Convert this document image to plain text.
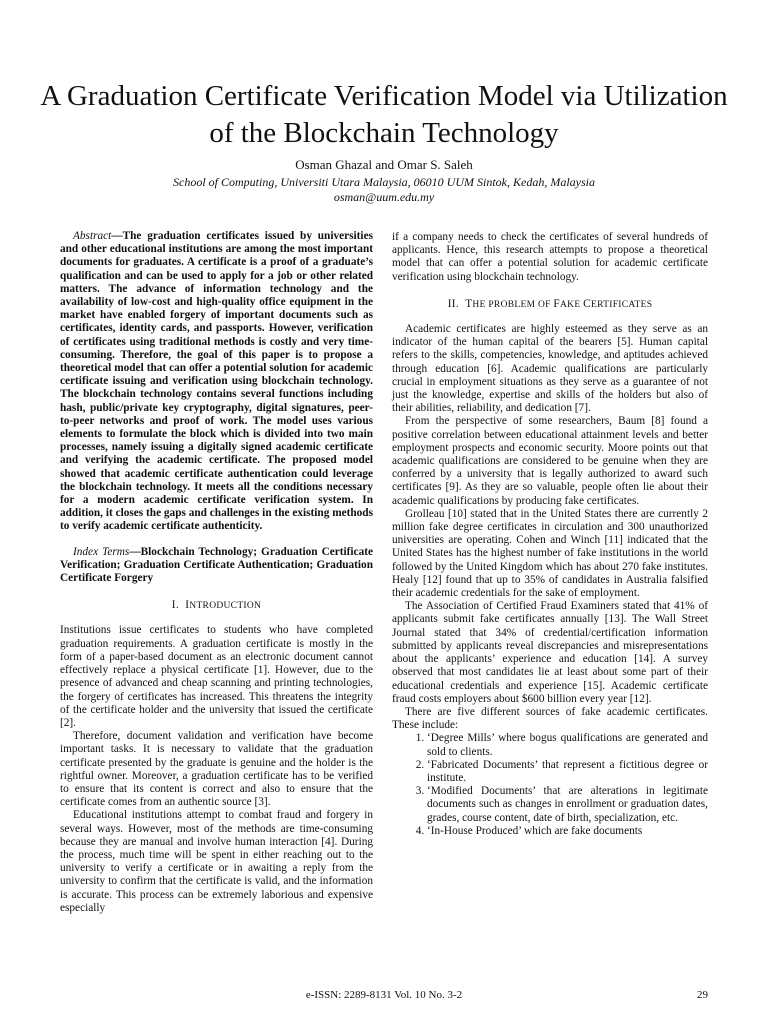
A Graduation Certificate Verification Model via Utilization of the Blockchain Technology
Osman Ghazal and Omar S. Saleh
School of Computing, Universiti Utara Malaysia, 06010 UUM Sintok, Kedah, Malaysia
osman@uum.edu.my

Abstract—The graduation certificates issued by universities and other educational institutions are among the most important documents for graduates. A certificate is a proof of a graduate’s qualification and can be used to apply for a job or other related matters. The advance of information technology and the availability of low-cost and high-quality office equipment in the market have enabled forgery of important documents such as certificates, identity cards, and passports. However, verification of certificates using traditional methods is costly and very time-consuming. Therefore, the goal of this paper is to propose a theoretical model that can offer a potential solution for academic certificate issuing and verification using blockchain technology. The blockchain technology contains several functions including hash, public/private key cryptography, digital signatures, peer-to-peer networks and proof of work. The model uses various elements to formulate the block which is divided into two main processes, namely issuing a digitally signed academic certificate and verifying the academic certificate. The proposed model showed that academic certificate authentication could leverage the blockchain technology. It meets all the conditions necessary for a modern academic certificate verification system. In addition, it closes the gaps and challenges in the existing methods to verify academic certificate authenticity.

Index Terms—Blockchain Technology; Graduation Certificate Verification; Graduation Certificate Authentication; Graduation Certificate Forgery

I. INTRODUCTION

Institutions issue certificates to students who have completed graduation requirements. A graduation certificate is mostly in the form of a paper-based document as an electronic document cannot effectively replace a physical certificate [1]. However, due to the presence of advanced and cheap scanning and printing technologies, the forgery of certificates has increased. This threatens the integrity of the certificate holder and the university that issued the certificate [2].

Therefore, document validation and verification have become important tasks. It is necessary to validate that the graduation certificate presented by the graduate is genuine and the holder is the rightful owner. Moreover, a graduation certificate has to be verified to ensure that its content is correct and also to ensure that the certificate comes from an authentic source [3].

Educational institutions attempt to combat fraud and forgery in several ways. However, most of the methods are time-consuming because they are manual and involve human interaction [4]. During the process, much time will be spent in either reaching out to the university to verify a certificate or in awaiting a reply from the university to confirm that the certificate is valid, and the information is accurate. This process can be extremely laborious and expensive especially

if a company needs to check the certificates of several hundreds of applicants. Hence, this research attempts to propose a theoretical model that can offer a potential solution for academic certificate verification using blockchain technology.

II. THE PROBLEM OF FAKE CERTIFICATES

Academic certificates are highly esteemed as they serve as an indicator of the human capital of the bearers [5]. Human capital refers to the skills, competencies, knowledge, and aptitudes achieved through education [6]. Academic qualifications are particularly crucial in employment situations as they serve as a guarantee of not just the knowledge, expertise and skills of the holders but also of their abilities, reliability, and dedication [7].

From the perspective of some researchers, Baum [8] found a positive correlation between educational attainment levels and better employment prospects and economic security. Moore points out that academic qualifications are considered to be genuine when they are conferred by a university that is legally authorized to award such certificates [9]. As they are so valuable, people often lie about their academic qualifications by producing fake certificates.

Grolleau [10] stated that in the United States there are currently 2 million fake degree certificates in circulation and 300 unauthorized universities are operating. Cohen and Winch [11] indicated that the United States has the highest number of fake institutions in the world followed by the United Kingdom which has about 270 fake institutes. Healy [12] found that up to 35% of candidates in Australia falsified their academic credentials for the sake of employment.

The Association of Certified Fraud Examiners stated that 41% of applicants submit fake certificates annually [13]. The Wall Street Journal stated that 34% of credential/certification information submitted by applicants reveal discrepancies and misrepresentations about the applicants’ experience and education [14]. A survey observed that most candidates lie at least about some part of their educational credentials and experience [15]. Academic certificate fraud costs employers about $600 billion every year [12].

There are five different sources of fake academic certificates. These include:

1. ‘Degree Mills’ where bogus qualifications are generated and sold to clients.
2. ‘Fabricated Documents’ that represent a fictitious degree or institute.
3. ‘Modified Documents’ that are alterations in legitimate documents such as changes in enrollment or graduation dates, grades, course content, date of birth, specialization, etc.
4. ‘In-House Produced’ which are fake documents
e-ISSN: 2289-8131 Vol. 10 No. 3-2	29
